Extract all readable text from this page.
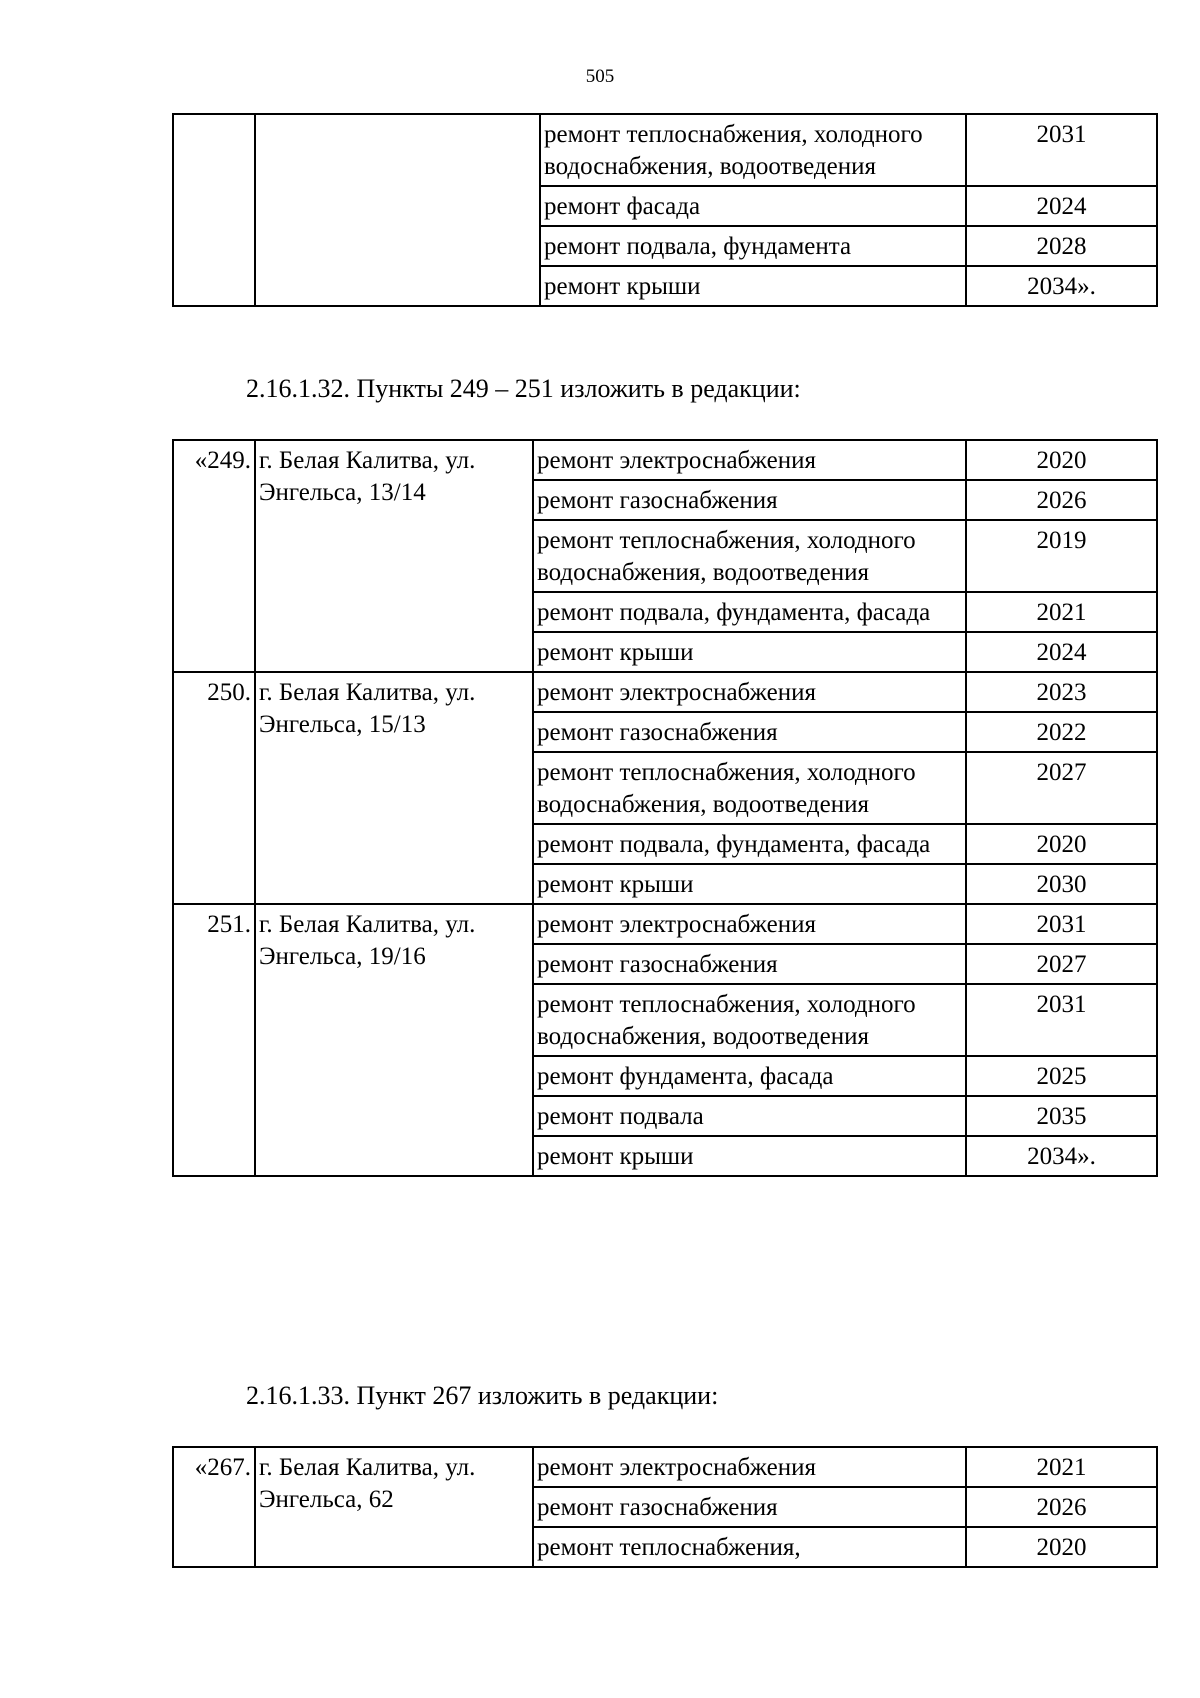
505
		ремонт теплоснабжения, холодного водоснабжения, водоотведения	2031
		ремонт фасада	2024
		ремонт подвала, фундамента	2028
		ремонт крыши	2034».
2.16.1.32. Пункты 249 – 251 изложить в редакции:
«249.	г. Белая Калитва, ул. Энгельса, 13/14	ремонт электроснабжения	2020
		ремонт газоснабжения	2026
		ремонт теплоснабжения, холодного водоснабжения, водоотведения	2019
		ремонт подвала, фундамента, фасада	2021
		ремонт крыши	2024
250.	г. Белая Калитва, ул. Энгельса, 15/13	ремонт электроснабжения	2023
		ремонт газоснабжения	2022
		ремонт теплоснабжения, холодного водоснабжения, водоотведения	2027
		ремонт подвала, фундамента, фасада	2020
		ремонт крыши	2030
251.	г. Белая Калитва, ул. Энгельса, 19/16	ремонт электроснабжения	2031
		ремонт газоснабжения	2027
		ремонт теплоснабжения, холодного водоснабжения, водоотведения	2031
		ремонт фундамента, фасада	2025
		ремонт подвала	2035
		ремонт крыши	2034».
2.16.1.33. Пункт 267 изложить в редакции:
«267.	г. Белая Калитва, ул. Энгельса, 62	ремонт электроснабжения	2021
		ремонт газоснабжения	2026
		ремонт теплоснабжения,	2020
